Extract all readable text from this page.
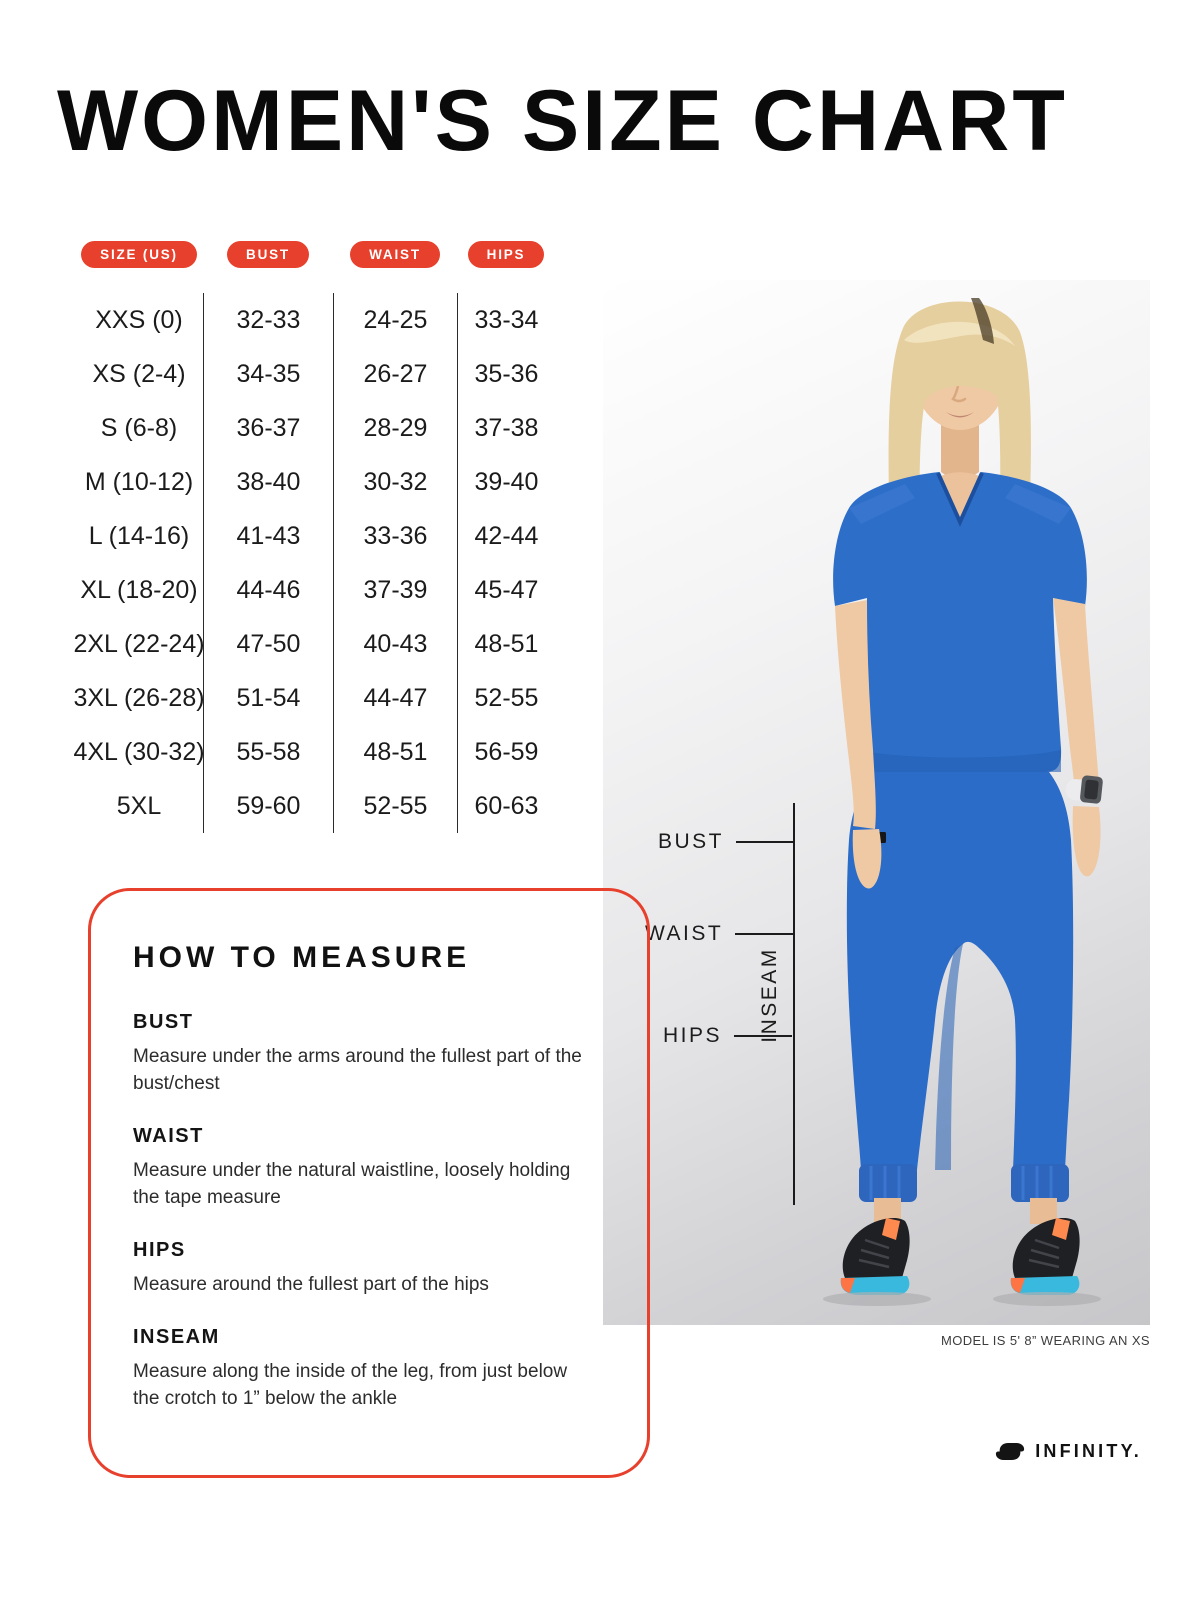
WOMEN'S SIZE CHART
SIZE (US)	BUST	WAIST	HIPS
XXS (0)	32-33	24-25	33-34
XS (2-4)	34-35	26-27	35-36
S (6-8)	36-37	28-29	37-38
M (10-12)	38-40	30-32	39-40
L (14-16)	41-43	33-36	42-44
XL (18-20)	44-46	37-39	45-47
2XL (22-24)	47-50	40-43	48-51
3XL (26-28)	51-54	44-47	52-55
4XL (30-32)	55-58	48-51	56-59
5XL	59-60	52-55	60-63
BUST
WAIST
HIPS INSEAM
MODEL IS 5' 8” WEARING AN XS
HOW TO MEASURE
BUST

Measure under the arms around the fullest part of the bust/chest

WAIST

Measure under the natural waistline, loosely holding the tape measure

HIPS

Measure around the fullest part of the hips

INSEAM

Measure along the inside of the leg, from just below the crotch to 1” below the ankle

INFINITY.
